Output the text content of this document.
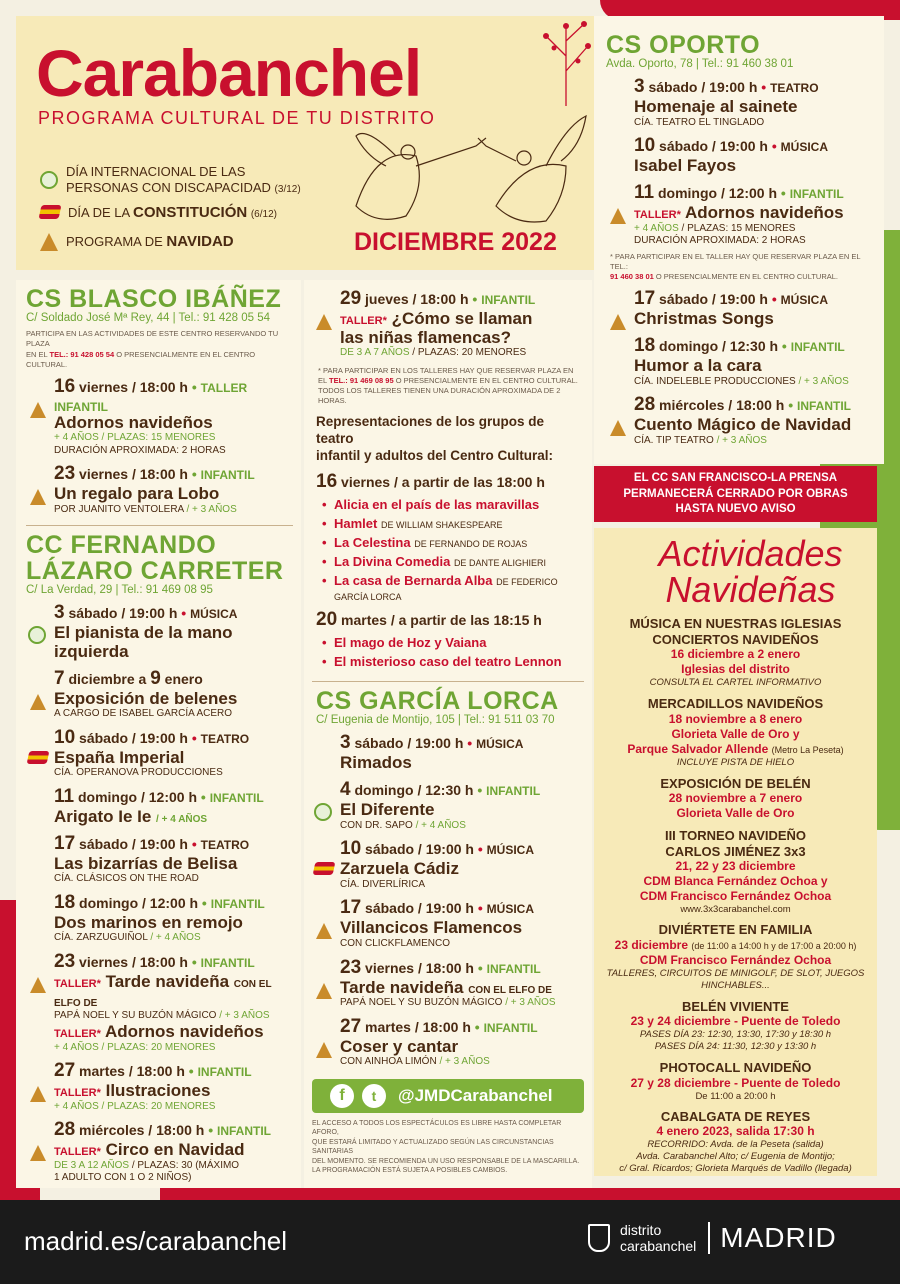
Carabanchel
PROGRAMA CULTURAL DE TU DISTRITO
DÍA INTERNACIONAL DE LAS
PERSONAS CON DISCAPACIDAD (3/12)
DÍA DE LA CONSTITUCIÓN (6/12)
PROGRAMA DE NAVIDAD	DICIEMBRE 2022
CS OPORTO
Avda. Oporto, 78 | Tel.: 91 460 38 01
3 sábado / 19:00 h • TEATRO
Homenaje al sainete
CÍA. TEATRO EL TINGLADO
10 sábado / 19:00 h • MÚSICA
Isabel Fayos
11 domingo / 12:00 h • INFANTIL
TALLER* Adornos navideños
+ 4 AÑOS / PLAZAS: 15 MENORES
DURACIÓN APROXIMADA: 2 HORAS
* PARA PARTICIPAR EN EL TALLER HAY QUE RESERVAR PLAZA EN EL TEL.:
91 460 38 01 O PRESENCIALMENTE EN EL CENTRO CULTURAL.
17 sábado / 19:00 h • MÚSICA
Christmas Songs
18 domingo / 12:30 h • INFANTIL
Humor a la cara
CÍA. INDELEBLE PRODUCCIONES / + 3 AÑOS
28 miércoles / 18:00 h • INFANTIL
Cuento Mágico de Navidad
CÍA. TIP TEATRO / + 3 AÑOS
EL CC SAN FRANCISCO-LA PRENSA
PERMANECERÁ CERRADO POR OBRAS
HASTA NUEVO AVISO
Actividades
Navideñas
MÚSICA EN NUESTRAS IGLESIAS
CONCIERTOS NAVIDEÑOS
16 diciembre a 2 enero
Iglesias del distrito
CONSULTA EL CARTEL INFORMATIVO
MERCADILLOS NAVIDEÑOS
18 noviembre a 8 enero
Glorieta Valle de Oro y
Parque Salvador Allende (Metro La Peseta)
INCLUYE PISTA DE HIELO
EXPOSICIÓN DE BELÉN
28 noviembre a 7 enero
Glorieta Valle de Oro
III TORNEO NAVIDEÑO
CARLOS JIMÉNEZ 3x3
21, 22 y 23 diciembre
CDM Blanca Fernández Ochoa y
CDM Francisco Fernández Ochoa
www.3x3carabanchel.com
DIVIÉRTETE EN FAMILIA
23 diciembre (de 11:00 a 14:00 h y de 17:00 a 20:00 h)
CDM Francisco Fernández Ochoa
TALLERES, CIRCUITOS DE MINIGOLF, DE SLOT, JUEGOS HINCHABLES...
BELÉN VIVIENTE
23 y 24 diciembre - Puente de Toledo
PASES DÍA 23: 12:30, 13:30, 17:30 y 18:30 h
PASES DÍA 24: 11:30, 12:30 y 13:30 h
PHOTOCALL NAVIDEÑO
27 y 28 diciembre - Puente de Toledo
De 11:00 a 20:00 h
CABALGATA DE REYES
4 enero 2023, salida 17:30 h
RECORRIDO: Avda. de la Peseta (salida)
Avda. Carabanchel Alto; c/ Eugenia de Montijo;
c/ Gral. Ricardos; Glorieta Marqués de Vadillo (llegada)
CS BLASCO IBÁÑEZ
C/ Soldado José Mª Rey, 44 | Tel.: 91 428 05 54
PARTICIPA EN LAS ACTIVIDADES DE ESTE CENTRO RESERVANDO TU PLAZA
EN EL TEL.: 91 428 05 54 O PRESENCIALMENTE EN EL CENTRO CULTURAL.
16 viernes / 18:00 h • TALLER INFANTIL
Adornos navideños
+ 4 AÑOS / PLAZAS: 15 MENORES
DURACIÓN APROXIMADA: 2 HORAS
23 viernes / 18:00 h • INFANTIL
Un regalo para Lobo
POR JUANITO VENTOLERA / + 3 AÑOS
CC FERNANDO
LÁZARO CARRETER
C/ La Verdad, 29 | Tel.: 91 469 08 95
3 sábado / 19:00 h • MÚSICA
El pianista de la mano izquierda
7 diciembre a 9 enero
Exposición de belenes
A CARGO DE ISABEL GARCÍA ACERO
10 sábado / 19:00 h • TEATRO
España Imperial
CÍA. OPERANOVA PRODUCCIONES
11 domingo / 12:00 h • INFANTIL
Arigato Ie Ie / + 4 AÑOS
17 sábado / 19:00 h • TEATRO
Las bizarrías de Belisa
CÍA. CLÁSICOS ON THE ROAD
18 domingo / 12:00 h • INFANTIL
Dos marinos en remojo
CÍA. ZARZUGUIÑOL / + 4 AÑOS
23 viernes / 18:00 h • INFANTIL
TALLER* Tarde navideña CON EL ELFO DE
PAPÁ NOEL Y SU BUZÓN MÁGICO / + 3 AÑOS
TALLER* Adornos navideños
+ 4 AÑOS / PLAZAS: 20 MENORES
27 martes / 18:00 h • INFANTIL
TALLER* Ilustraciones
+ 4 AÑOS / PLAZAS: 20 MENORES
28 miércoles / 18:00 h • INFANTIL
TALLER* Circo en Navidad
DE 3 A 12 AÑOS / PLAZAS: 30 (MÁXIMO
1 ADULTO CON 1 O 2 NIÑOS)
29 jueves / 18:00 h • INFANTIL
TALLER* ¿Cómo se llaman
las niñas flamencas?
DE 3 A 7 AÑOS / PLAZAS: 20 MENORES
* PARA PARTICIPAR EN LOS TALLERES HAY QUE RESERVAR PLAZA EN
EL TEL.: 91 469 08 95 O PRESENCIALMENTE EN EL CENTRO CULTURAL.
TODOS LOS TALLERES TIENEN UNA DURACIÓN APROXIMADA DE 2 HORAS.
Representaciones de los grupos de teatro
infantil y adultos del Centro Cultural:
16 viernes / a partir de las 18:00 h
• Alicia en el país de las maravillas
• Hamlet DE WILLIAM SHAKESPEARE
• La Celestina DE FERNANDO DE ROJAS
• La Divina Comedia DE DANTE ALIGHIERI
• La casa de Bernarda Alba DE FEDERICO GARCÍA LORCA
20 martes / a partir de las 18:15 h
• El mago de Hoz y Vaiana
• El misterioso caso del teatro Lennon
CS GARCÍA LORCA
C/ Eugenia de Montijo, 105 | Tel.: 91 511 03 70
3 sábado / 19:00 h • MÚSICA
Rimados
4 domingo / 12:30 h • INFANTIL
El Diferente
CON DR. SAPO / + 4 AÑOS
10 sábado / 19:00 h • MÚSICA
Zarzuela Cádiz
CÍA. DIVERLÍRICA
17 sábado / 19:00 h • MÚSICA
Villancicos Flamencos
CON CLICKFLAMENCO
23 viernes / 18:00 h • INFANTIL
Tarde navideña CON EL ELFO DE
PAPÁ NOEL Y SU BUZÓN MÁGICO / + 3 AÑOS
27 martes / 18:00 h • INFANTIL
Coser y cantar
CON AINHOA LIMÓN / + 3 AÑOS
f	t	@JMDCarabanchel
EL ACCESO A TODOS LOS ESPECTÁCULOS ES LIBRE HASTA COMPLETAR AFORO,
QUE ESTARÁ LIMITADO Y ACTUALIZADO SEGÚN LAS CIRCUNSTANCIAS SANITARIAS
DEL MOMENTO. SE RECOMIENDA UN USO RESPONSABLE DE LA MASCARILLA.
LA PROGRAMACIÓN ESTÁ SUJETA A POSIBLES CAMBIOS.
madrid.es/carabanchel	distrito
carabanchel MADRID
